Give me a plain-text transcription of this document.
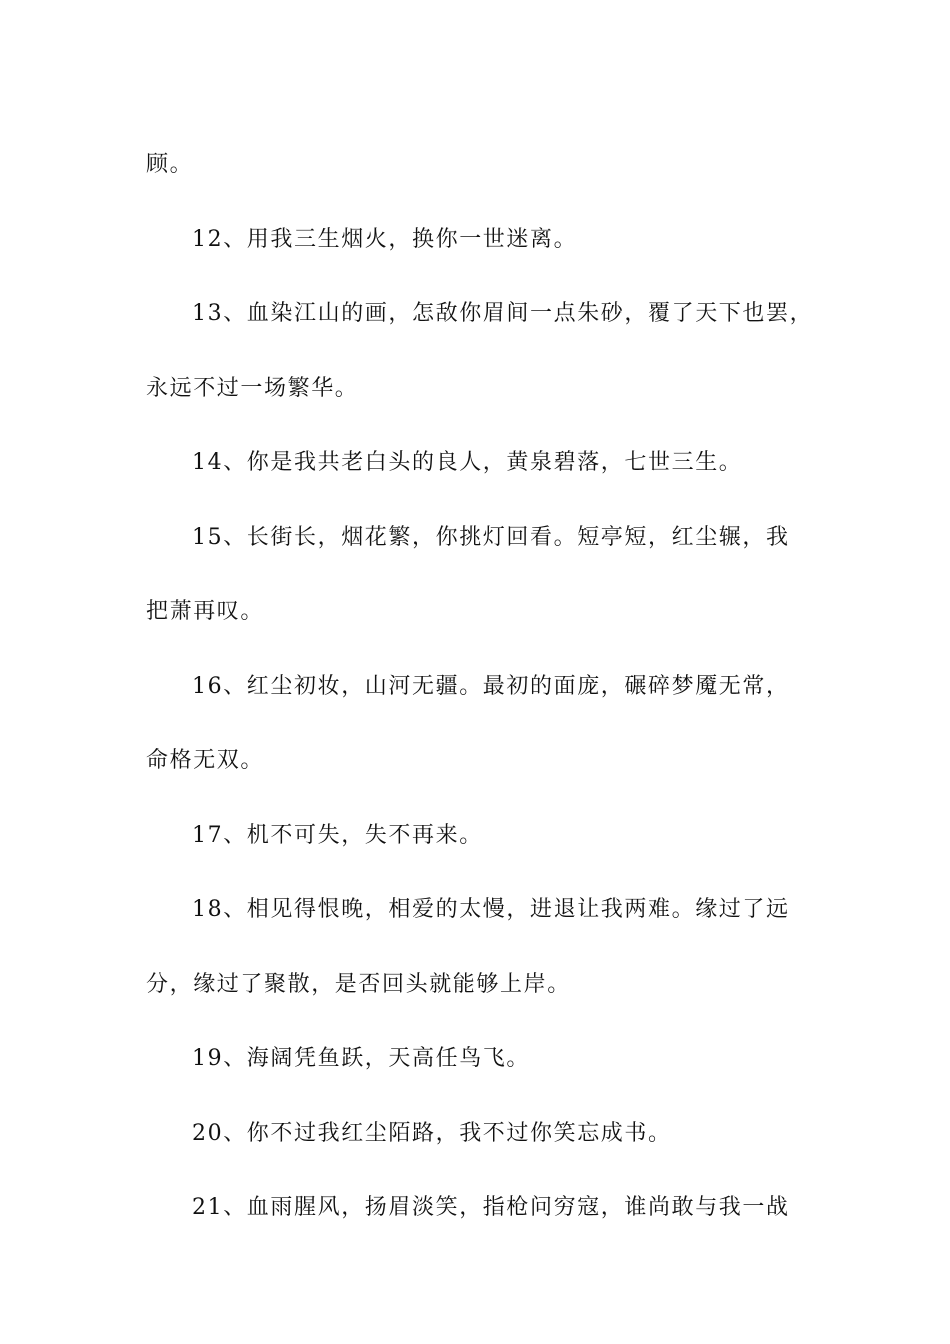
顾。
12、用我三生烟火，换你一世迷离。
13、血染江山的画，怎敌你眉间一点朱砂，覆了天下也罢，
永远不过一场繁华。
14、你是我共老白头的良人，黄泉碧落，七世三生。
15、长街长，烟花繁，你挑灯回看。短亭短，红尘辗，我
把萧再叹。
16、红尘初妆，山河无疆。最初的面庞，碾碎梦魇无常，
命格无双。
17、机不可失，失不再来。
18、相见得恨晚，相爱的太慢，进退让我两难。缘过了远
分，缘过了聚散，是否回头就能够上岸。
19、海阔凭鱼跃，天高任鸟飞。
20、你不过我红尘陌路，我不过你笑忘成书。
21、血雨腥风，扬眉淡笑，指枪问穷寇，谁尚敢与我一战
